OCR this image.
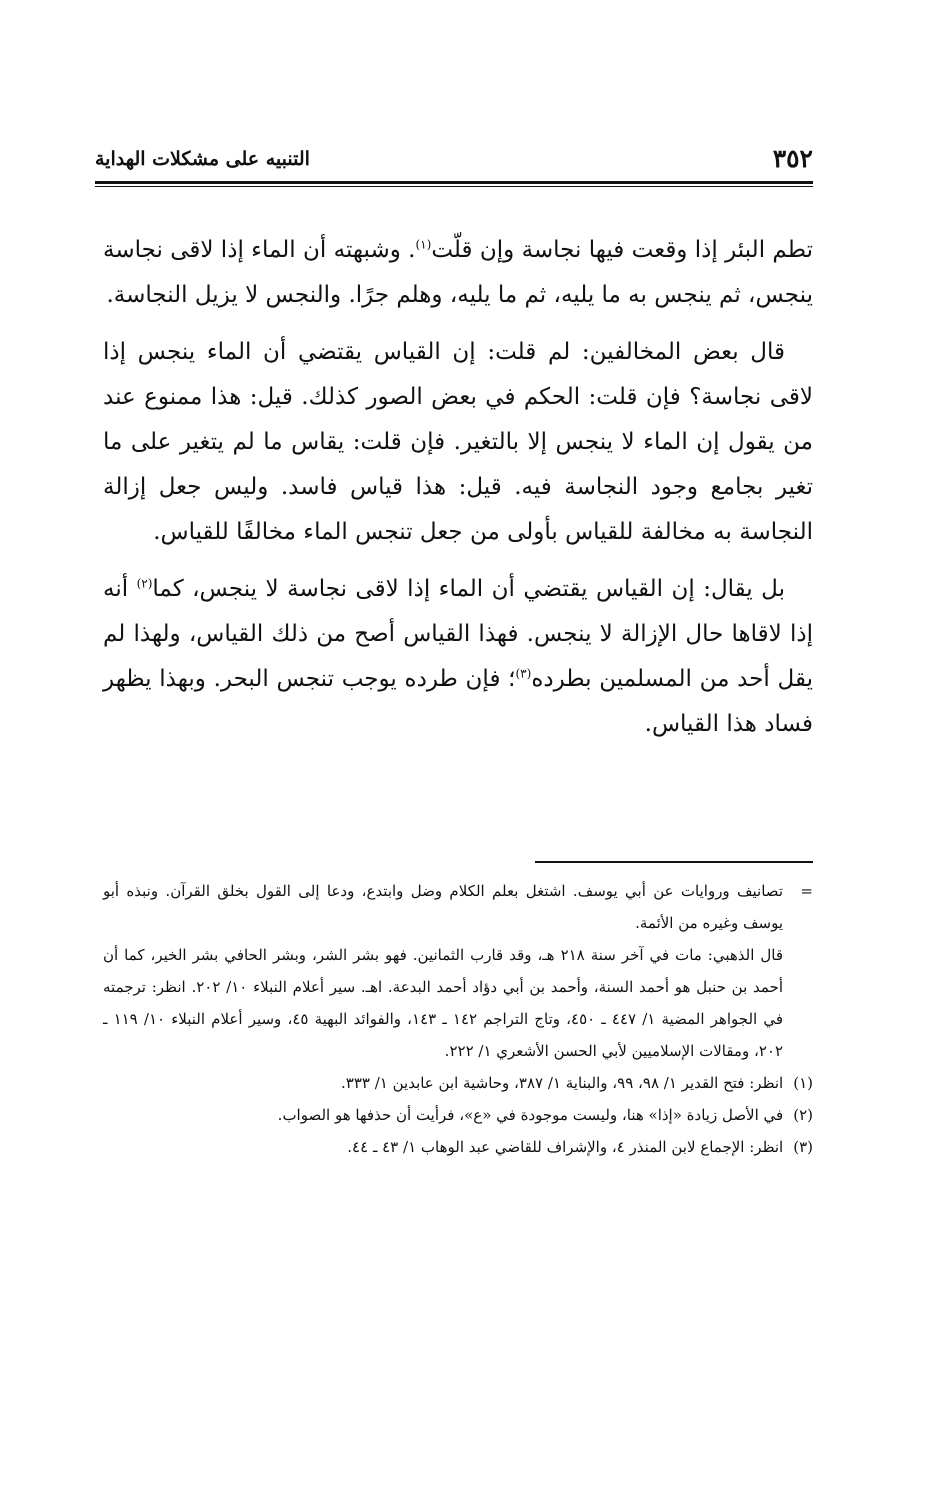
٣٥٢
التنبيه على مشكلات الهداية

تطم البئر إذا وقعت فيها نجاسة وإن قلّت$^{(١)}$. وشبهته أن الماء إذا لاقى نجاسة ينجس، ثم ينجس به ما يليه، ثم ما يليه، وهلم جرًا. والنجس لا يزيل النجاسة.

قال بعض المخالفين: لم قلت: إن القياس يقتضي أن الماء ينجس إذا لاقى نجاسة؟ فإن قلت: الحكم في بعض الصور كذلك. قيل: هذا ممنوع عند من يقول إن الماء لا ينجس إلا بالتغير. فإن قلت: يقاس ما لم يتغير على ما تغير بجامع وجود النجاسة فيه. قيل: هذا قياس فاسد. وليس جعل إزالة النجاسة به مخالفة للقياس بأولى من جعل تنجس الماء مخالفًا للقياس.

بل يقال: إن القياس يقتضي أن الماء إذا لاقى نجاسة لا ينجس، كما$^{(٢)}$ أنه إذا لاقاها حال الإزالة لا ينجس. فهذا القياس أصح من ذلك القياس، ولهذا لم يقل أحد من المسلمين بطرده$^{(٣)}$؛ فإن طرده يوجب تنجس البحر. وبهذا يظهر فساد هذا القياس.

=

تصانيف وروايات عن أبي يوسف. اشتغل بعلم الكلام وضل وابتدع، ودعا إلى القول بخلق القرآن. ونبذه أبو يوسف وغيره من الأئمة.

قال الذهبي: مات في آخر سنة ٢١٨ هـ، وقد قارب الثمانين. فهو بشر الشر، وبشر الحافي بشر الخير، كما أن أحمد بن حنبل هو أحمد السنة، وأحمد بن أبي دؤاد أحمد البدعة. اهـ. سير أعلام النبلاء ١٠/ ٢٠٢. انظر: ترجمته في الجواهر المضية ١/ ٤٤٧ ـ ٤٥٠، وتاج التراجم ١٤٢ ـ ١٤٣، والفوائد البهية ٤٥، وسير أعلام النبلاء ١٠/ ١١٩ ـ ٢٠٢، ومقالات الإسلاميين لأبي الحسن الأشعري ١/ ٢٢٢.

(١)
انظر: فتح القدير ١/ ٩٨، ٩٩، والبناية ١/ ٣٨٧، وحاشية ابن عابدين ١/ ٣٣٣.
(٢)
في الأصل زيادة «إذا» هنا، وليست موجودة في «ع»، فرأيت أن حذفها هو الصواب.
(٣)
انظر: الإجماع لابن المنذر ٤، والإشراف للقاضي عبد الوهاب ١/ ٤٣ ـ ٤٤.
